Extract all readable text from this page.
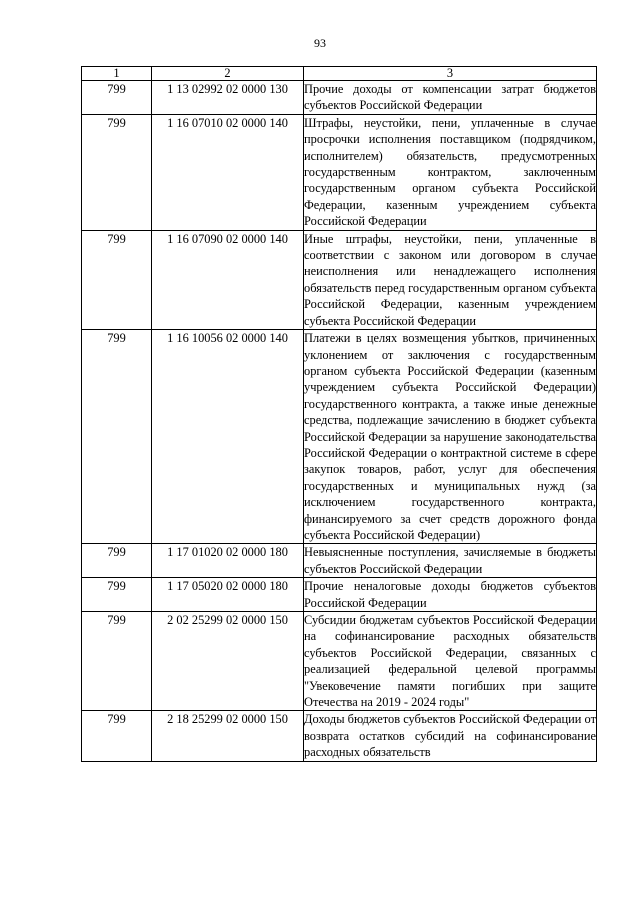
93
1	2	3
799	1 13 02992 02 0000 130	Прочие доходы от компенсации затрат бюджетов субъектов Российской Федерации
799	1 16 07010 02 0000 140	Штрафы, неустойки, пени, уплаченные в случае просрочки исполнения поставщиком (подрядчиком, исполнителем) обязательств, предусмотренных государственным контрактом, заключенным государственным органом субъекта Российской Федерации, казенным учреждением субъекта Российской Федерации
799	1 16 07090 02 0000 140	Иные штрафы, неустойки, пени, уплаченные в соответствии с законом или договором в случае неисполнения или ненадлежащего исполнения обязательств перед государственным органом субъекта Российской Федерации, казенным учреждением субъекта Российской Федерации
799	1 16 10056 02 0000 140	Платежи в целях возмещения убытков, причиненных уклонением от заключения с государственным органом субъекта Российской Федерации (казенным учреждением субъекта Российской Федерации) государственного контракта, а также иные денежные средства, подлежащие зачислению в бюджет субъекта Российской Федерации за нарушение законодательства Российской Федерации о контрактной системе в сфере закупок товаров, работ, услуг для обеспечения государственных и муниципальных нужд (за исключением государственного контракта, финансируемого за счет средств дорожного фонда субъекта Российской Федерации)
799	1 17 01020 02 0000 180	Невыясненные поступления, зачисляемые в бюджеты субъектов Российской Федерации
799	1 17 05020 02 0000 180	Прочие неналоговые доходы бюджетов субъектов Российской Федерации
799	2 02 25299 02 0000 150	Субсидии бюджетам субъектов Российской Федерации на софинансирование расходных обязательств субъектов Российской Федерации, связанных с реализацией федеральной целевой программы "Увековечение памяти погибших при защите Отечества на 2019 - 2024 годы"
799	2 18 25299 02 0000 150	Доходы бюджетов субъектов Российской Федерации от возврата остатков субсидий на софинансирование расходных обязательств
